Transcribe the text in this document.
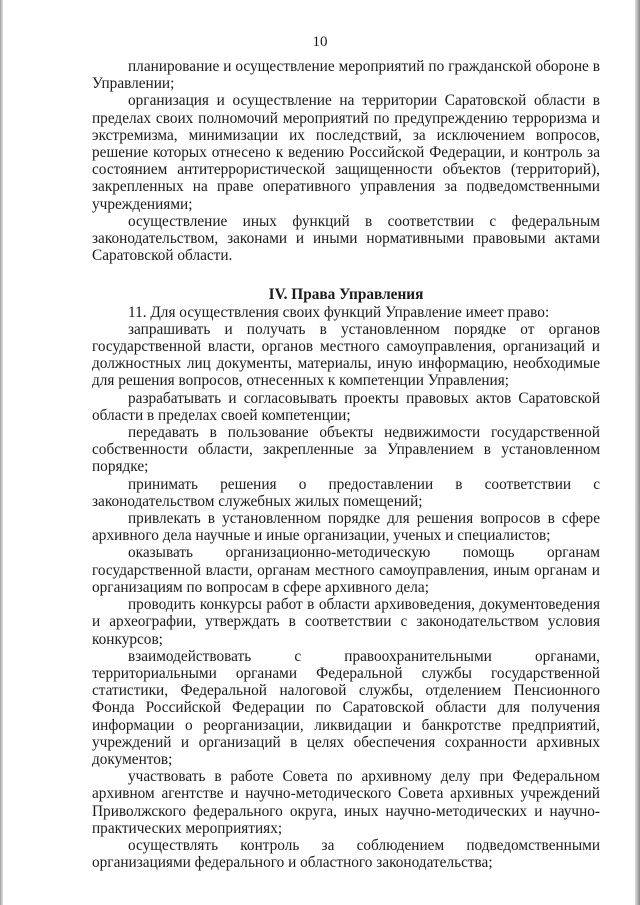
10

планирование и осуществление мероприятий по гражданской обороне в Управлении;

организация и осуществление на территории Саратовской области в пределах своих полномочий мероприятий по предупреждению терроризма и экстремизма, минимизации их последствий, за исключением вопросов, решение которых отнесено к ведению Российской Федерации, и контроль за состоянием антитеррористической защищенности объектов (территорий), закрепленных на праве оперативного управления за подведомственными учреждениями;

осуществление иных функций в соответствии с федеральным законодательством, законами и иными нормативными правовыми актами Саратовской области.

IV. Права Управления

11. Для осуществления своих функций Управление имеет право:

запрашивать и получать в установленном порядке от органов государственной власти, органов местного самоуправления, организаций и должностных лиц документы, материалы, иную информацию, необходимые для решения вопросов, отнесенных к компетенции Управления;

разрабатывать и согласовывать проекты правовых актов Саратовской области в пределах своей компетенции;

передавать в пользование объекты недвижимости государственной собственности области, закрепленные за Управлением в установленном порядке;

принимать решения о предоставлении в соответствии с законодательством служебных жилых помещений;

привлекать в установленном порядке для решения вопросов в сфере архивного дела научные и иные организации, ученых и специалистов;

оказывать организационно-методическую помощь органам государственной власти, органам местного самоуправления, иным органам и организациям по вопросам в сфере архивного дела;

проводить конкурсы работ в области архивоведения, документоведения и археографии, утверждать в соответствии с законодательством условия конкурсов;

взаимодействовать с правоохранительными органами, территориальными органами Федеральной службы государственной статистики, Федеральной налоговой службы, отделением Пенсионного Фонда Российской Федерации по Саратовской области для получения информации о реорганизации, ликвидации и банкротстве предприятий, учреждений и организаций в целях обеспечения сохранности архивных документов;

участвовать в работе Совета по архивному делу при Федеральном архивном агентстве и научно-методического Совета архивных учреждений Приволжского федерального округа, иных научно-методических и научно-практических мероприятиях;

осуществлять контроль за соблюдением подведомственными организациями федерального и областного законодательства;
